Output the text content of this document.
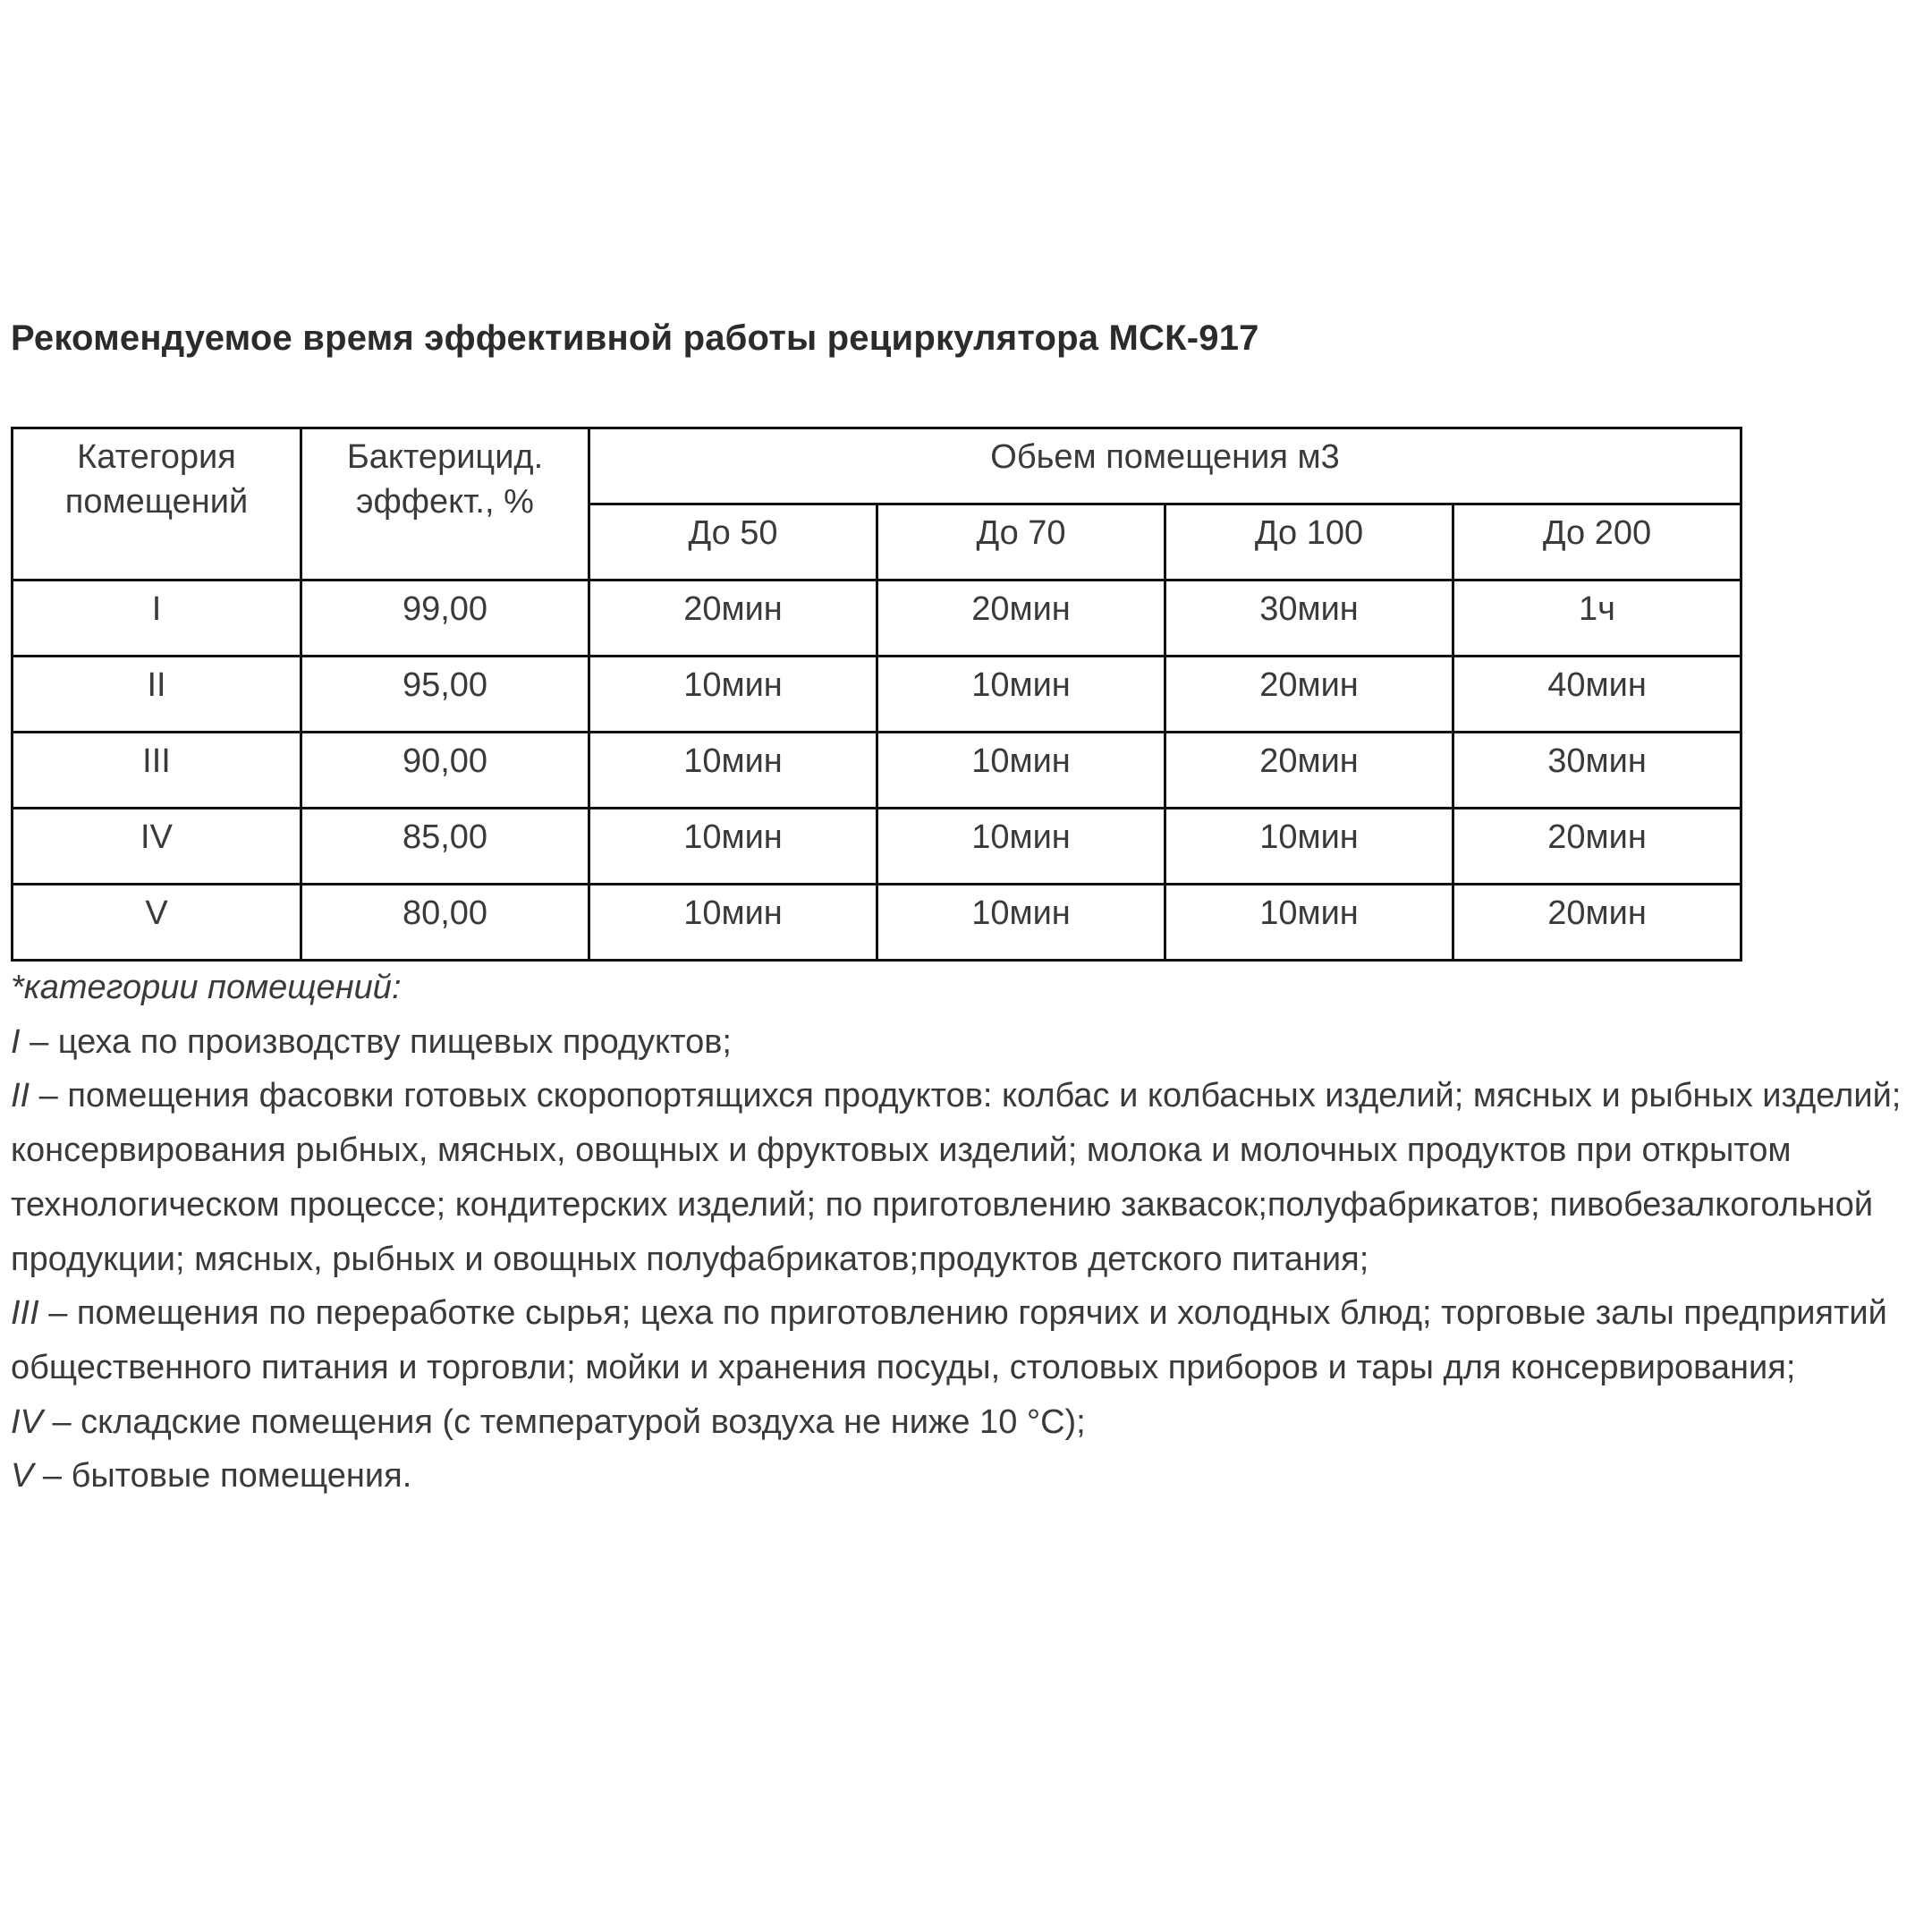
Рекомендуемое время эффективной работы рециркулятора МСК-917
Категория помещений	Бактерицид. эффект., %	Обьем помещения м3			
		До 50	До 70	До 100	До 200
I	99,00	20мин	20мин	30мин	1ч
II	95,00	10мин	10мин	20мин	40мин
III	90,00	10мин	10мин	20мин	30мин
IV	85,00	10мин	10мин	10мин	20мин
V	80,00	10мин	10мин	10мин	20мин

*категории помещений:

I – цеха по производству пищевых продуктов;

II – помещения фасовки готовых скоропортящихся продуктов: колбас и колбасных изделий; мясных и рыбных изделий; консервирования рыбных, мясных, овощных и фруктовых изделий; молока и молочных продуктов при открытом технологическом процессе; кондитерских изделий; по приготовлению заквасок;полуфабрикатов; пивобезалкогольной продукции; мясных, рыбных и овощных полуфабрикатов;продуктов детского питания;

III – помещения по переработке сырья; цеха по приготовлению горячих и холодных блюд; торговые залы предприятий общественного питания и торговли; мойки и хранения посуды, столовых приборов и тары для консервирования;

IV – складские помещения (с температурой воздуха не ниже 10 °С);

V – бытовые помещения.
